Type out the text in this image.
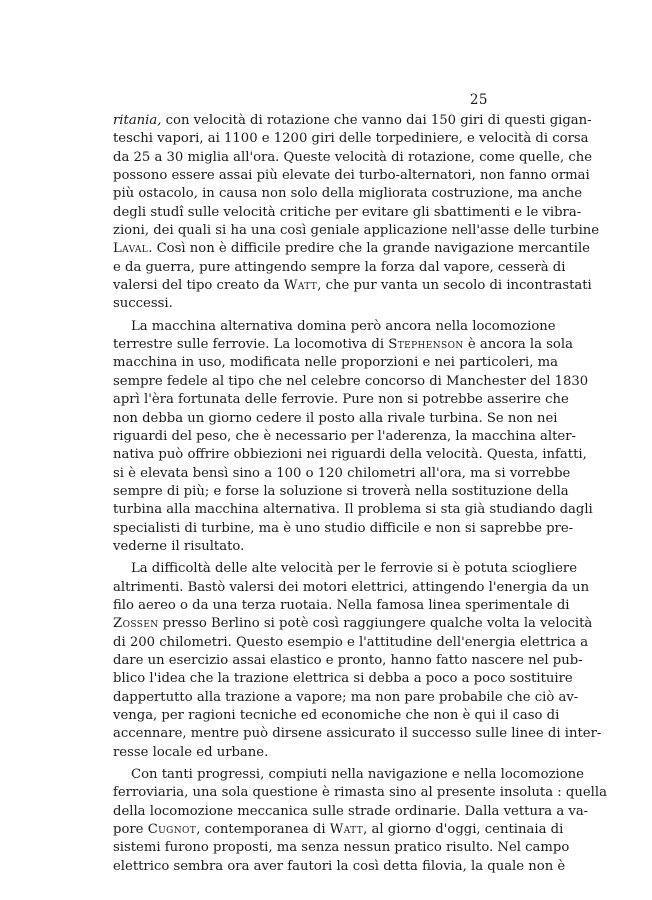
25
ritania, con velocità di rotazione che vanno dai 150 giri di questi gigan-
teschi vapori, ai 1100 e 1200 giri delle torpediniere, e velocità di corsa
da 25 a 30 miglia all'ora. Queste velocità di rotazione, come quelle, che
possono essere assai più elevate dei turbo-alternatori, non fanno ormai
più ostacolo, in causa non solo della migliorata costruzione, ma anche
degli studî sulle velocità critiche per evitare gli sbattimenti e le vibra-
zioni, dei quali si ha una così geniale applicazione nell'asse delle turbine
Laval. Così non è difficile predire che la grande navigazione mercantile
e da guerra, pure attingendo sempre la forza dal vapore, cesserà di
valersi del tipo creato da Watt, che pur vanta un secolo di incontrastati
successi.
La macchina alternativa domina però ancora nella locomozione
terrestre sulle ferrovie. La locomotiva di Stephenson è ancora la sola
macchina in uso, modificata nelle proporzioni e nei particoleri, ma
sempre fedele al tipo che nel celebre concorso di Manchester del 1830
aprì l'èra fortunata delle ferrovie. Pure non si potrebbe asserire che
non debba un giorno cedere il posto alla rivale turbina. Se non nei
riguardi del peso, che è necessario per l'aderenza, la macchina alter-
nativa può offrire obbiezioni nei riguardi della velocità. Questa, infatti,
si è elevata bensì sino a 100 o 120 chilometri all'ora, ma si vorrebbe
sempre di più; e forse la soluzione si troverà nella sostituzione della
turbina alla macchina alternativa. Il problema si sta già studiando dagli
specialisti di turbine, ma è uno studio difficile e non si saprebbe pre-
vederne il risultato.
La difficoltà delle alte velocità per le ferrovie si è potuta sciogliere
altrimenti. Bastò valersi dei motori elettrici, attingendo l'energia da un
filo aereo o da una terza ruotaia. Nella famosa linea sperimentale di
Zossen presso Berlino si potè così raggiungere qualche volta la velocità
di 200 chilometri. Questo esempio e l'attitudine dell'energia elettrica a
dare un esercizio assai elastico e pronto, hanno fatto nascere nel pub-
blico l'idea che la trazione elettrica si debba a poco a poco sostituire
dappertutto alla trazione a vapore; ma non pare probabile che ciò av-
venga, per ragioni tecniche ed economiche che non è qui il caso di
accennare, mentre può dirsene assicurato il successo sulle linee di inter-
resse locale ed urbane.
Con tanti progressi, compiuti nella navigazione e nella locomozione
ferroviaria, una sola questione è rimasta sino al presente insoluta : quella
della locomozione meccanica sulle strade ordinarie. Dalla vettura a va-
pore Cugnot, contemporanea di Watt, al giorno d'oggi, centinaia di
sistemi furono proposti, ma senza nessun pratico risulto. Nel campo
elettrico sembra ora aver fautori la così detta filovia, la quale non è
